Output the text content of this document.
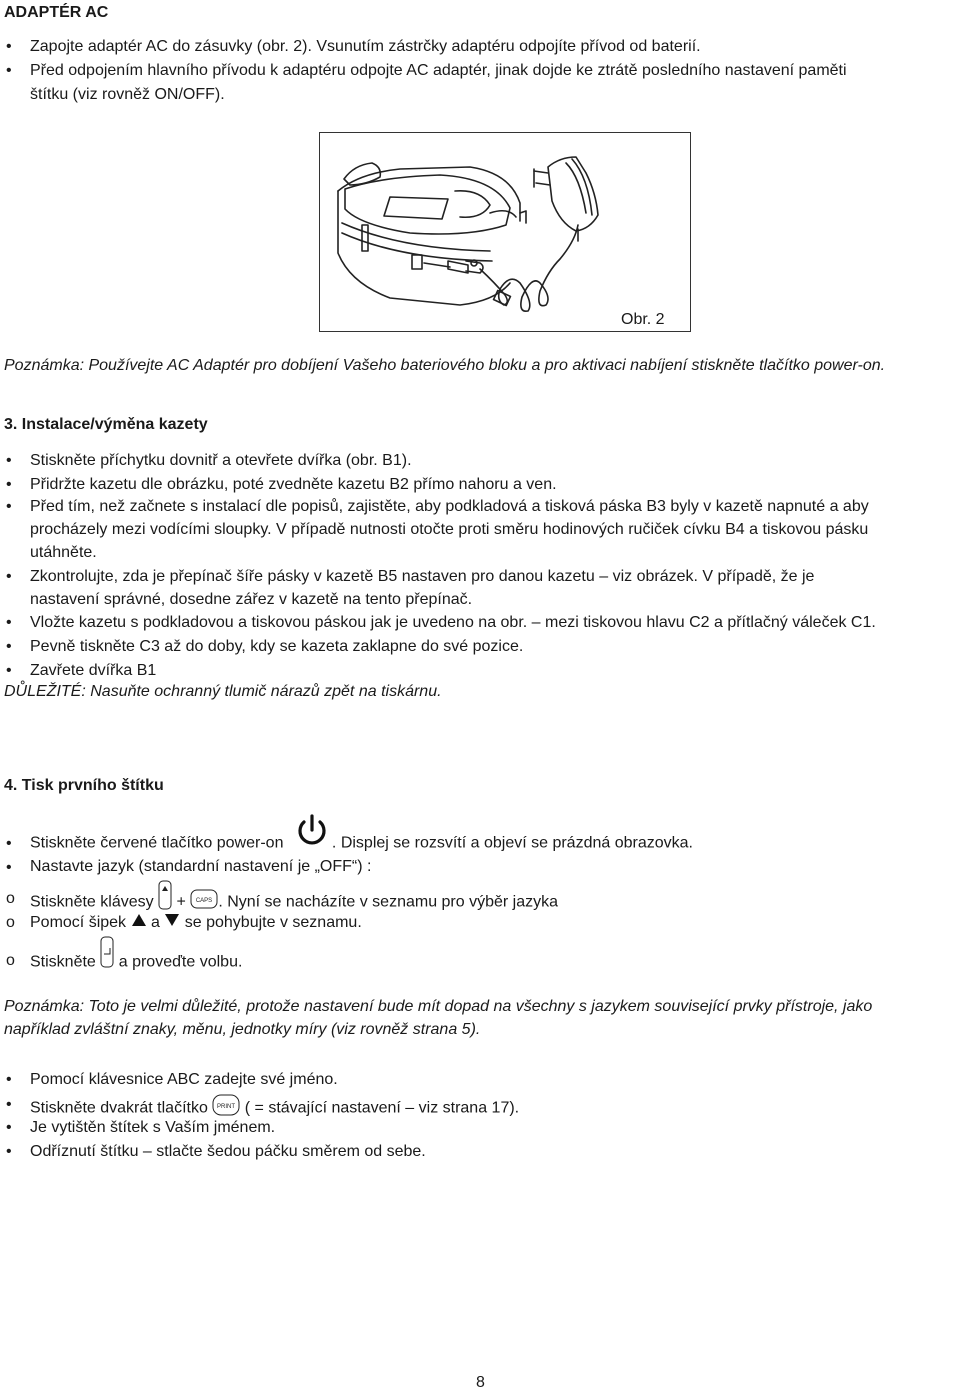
ADAPTÉR AC
•	Zapojte adaptér AC do zásuvky (obr. 2). Vsunutím zástrčky adaptéru odpojíte přívod od baterií.
•	Před odpojením hlavního přívodu k adaptéru odpojte AC adaptér, jinak dojde ke ztrátě posledního nastavení paměti
štítku (viz rovněž ON/OFF).
Obr. 2
Poznámka: Používejte AC Adaptér pro dobíjení Vašeho bateriového bloku a pro aktivaci nabíjení stiskněte tlačítko power-on.
3. Instalace/výměna kazety
•	Stiskněte příchytku dovnitř a otevřete dvířka (obr. B1).
•	Přidržte kazetu dle obrázku, poté zvedněte kazetu B2 přímo nahoru a ven.
•	Před tím, než začnete s instalací dle popisů, zajistěte, aby podkladová a tisková páska B3 byly v kazetě napnuté a aby
procházely mezi vodícími sloupky. V případě nutnosti otočte proti směru hodinových ručiček cívku B4 a tiskovou pásku
utáhněte.
•	Zkontrolujte, zda je přepínač šíře pásky v kazetě B5 nastaven pro danou kazetu – viz obrázek. V případě, že je
nastavení správné, dosedne zářez v kazetě na tento přepínač.
•	Vložte kazetu s podkladovou a tiskovou páskou jak je uvedeno na obr. – mezi tiskovou hlavu C2 a přítlačný váleček C1.
•	Pevně tiskněte C3 až do doby, kdy se kazeta zaklapne do své pozice.
•	Zavřete dvířka B1
DŮLEŽITÉ: Nasuňte ochranný tlumič nárazů zpět na tiskárnu.
4. Tisk prvního štítku
•	Stiskněte červené tlačítko power-on	. Displej se rozsvítí a objeví se prázdná obrazovka.
•	Nastavte jazyk (standardní nastavení je „OFF“) :
o Stiskněte klávesy + CAPS . Nyní se nacházíte v seznamu pro výběr jazyka
o Pomocí šipek a se pohybujte v seznamu.
o Stiskněte a proveďte volbu.
Poznámka: Toto je velmi důležité, protože nastavení bude mít dopad na všechny s jazykem související prvky přístroje, jako
například zvláštní znaky, měnu, jednotky míry (viz rovněž strana 5).
•	Pomocí klávesnice ABC zadejte své jméno.
•	Stiskněte dvakrát tlačítko PRINT ( = stávající nastavení – viz strana 17).
•	Je vytištěn štítek s Vaším jménem.
•	Odříznutí štítku – stlačte šedou páčku směrem od sebe.
8
